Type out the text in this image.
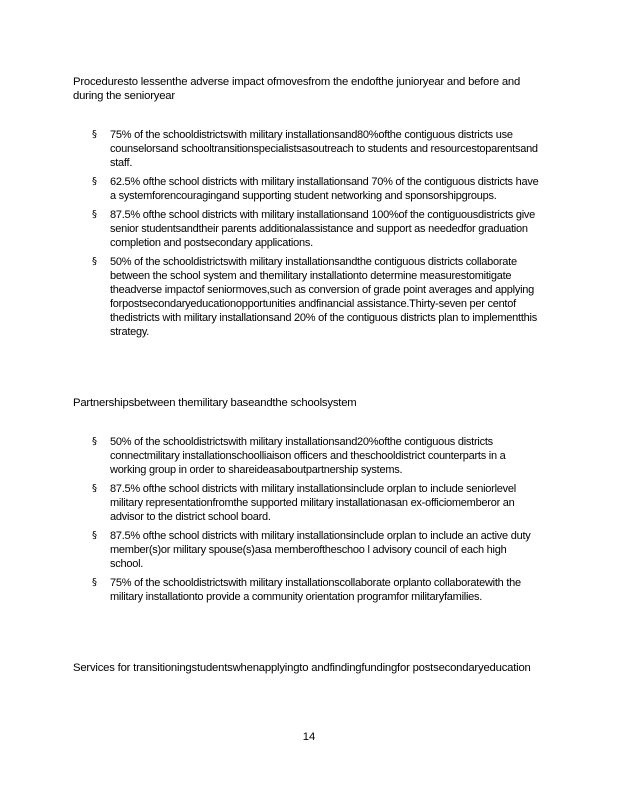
Proceduresto lessenthe adverse impact ofmovesfrom the endofthe junioryear and before and during the senioryear
§	75% of the schooldistrictswith military installationsand80%ofthe contiguous districts use counselorsand schooltransitionspecialistsasoutreach to students and resourcestoparentsand staff.
§	62.5% ofthe school districts with military installationsand 70% of the contiguous districts have a systemforencouragingand supporting student networking and sponsorshipgroups.
§	87.5% ofthe school districts with military installationsand 100%of the contiguousdistricts give senior studentsandtheir parents additionalassistance and support as neededfor graduation completion and postsecondary applications.
§	50% of the schooldistrictswith military installationsandthe contiguous districts collaborate between the school system and themilitary installationto determine measurestomitigate theadverse impactof seniormoves,such as conversion of grade point averages and applying forpostsecondaryeducationopportunities andfinancial assistance.Thirty-seven per centof thedistricts with military installationsand 20% of the contiguous districts plan to implementthis strategy.
Partnershipsbetween themilitary baseandthe schoolsystem
§	50% of the schooldistrictswith military installationsand20%ofthe contiguous districts connectmilitary installationschoolliaison officers and theschooldistrict counterparts in a working group in order to shareideasaboutpartnership systems.
§	87.5% ofthe school districts with military installationsinclude orplan to include seniorlevel military representationfromthe supported military installationasan ex-officiomemberor an advisor to the district school board.
§	87.5% ofthe school districts with military installationsinclude orplan to include an active duty member(s)or military spouse(s)asa memberoftheschoo l advisory council of each high school.
§	75% of the schooldistrictswith military installationscollaborate orplanto collaboratewith the military installationto provide a community orientation programfor militaryfamilies.
Services for transitioningstudentswhenapplyingto andfindingfundingfor postsecondaryeducation
14
